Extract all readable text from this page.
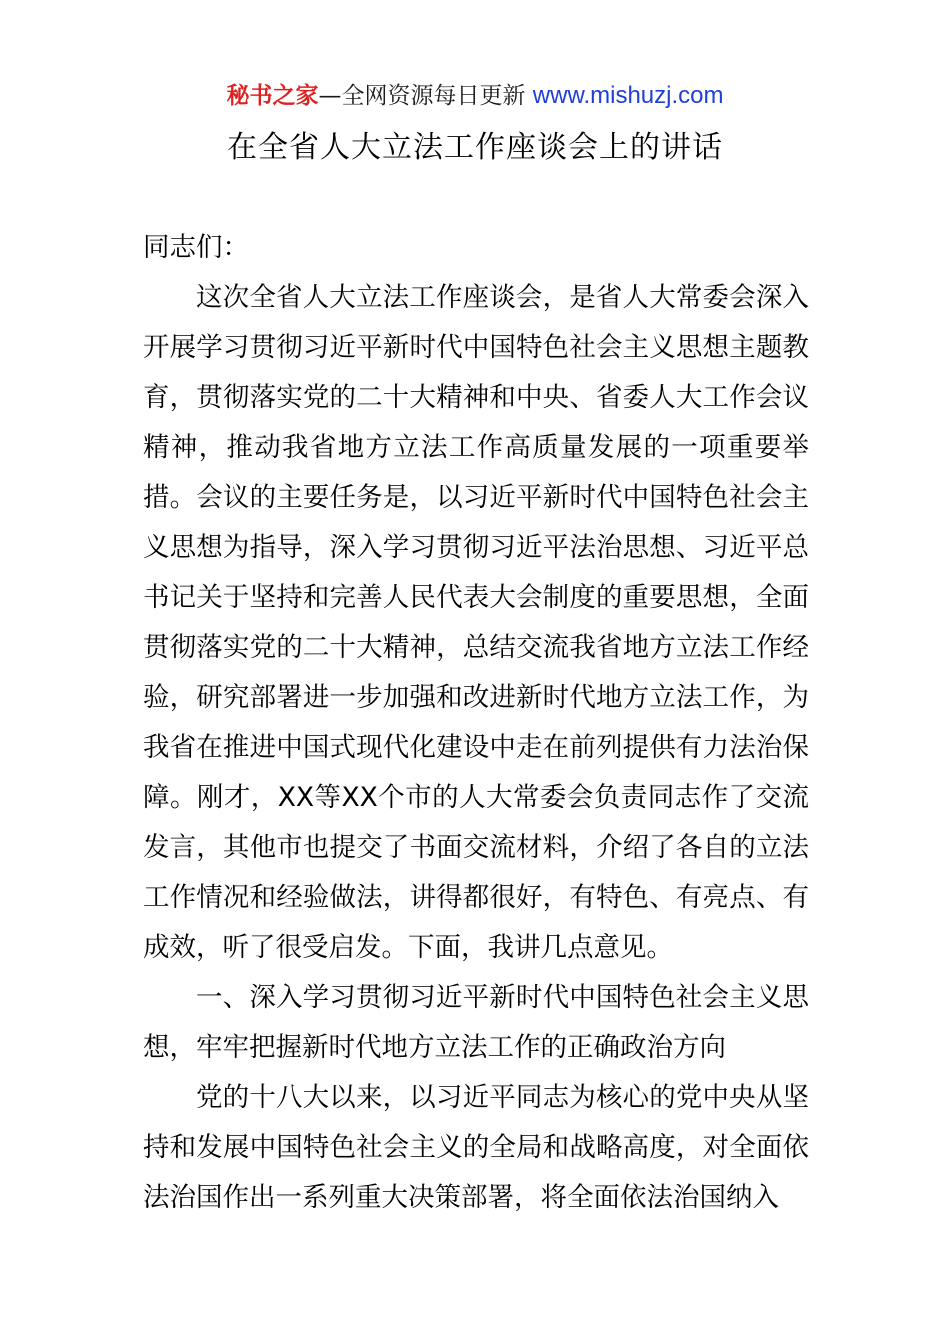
秘书之家—全网资源每日更新 www.mishuzj.com
在全省人大立法工作座谈会上的讲话

同志们：

这次全省人大立法工作座谈会，是省人大常委会深入开展学习贯彻习近平新时代中国特色社会主义思想主题教育，贯彻落实党的二十大精神和中央、省委人大工作会议精神，推动我省地方立法工作高质量发展的一项重要举措。会议的主要任务是，以习近平新时代中国特色社会主义思想为指导，深入学习贯彻习近平法治思想、习近平总书记关于坚持和完善人民代表大会制度的重要思想，全面贯彻落实党的二十大精神，总结交流我省地方立法工作经验，研究部署进一步加强和改进新时代地方立法工作，为我省在推进中国式现代化建设中走在前列提供有力法治保障。刚才，XX等XX个市的人大常委会负责同志作了交流发言，其他市也提交了书面交流材料，介绍了各自的立法工作情况和经验做法，讲得都很好，有特色、有亮点、有成效，听了很受启发。下面，我讲几点意见。

一、深入学习贯彻习近平新时代中国特色社会主义思想，牢牢把握新时代地方立法工作的正确政治方向

党的十八大以来，以习近平同志为核心的党中央从坚持和发展中国特色社会主义的全局和战略高度，对全面依法治国作出一系列重大决策部署，将全面依法治国纳入
